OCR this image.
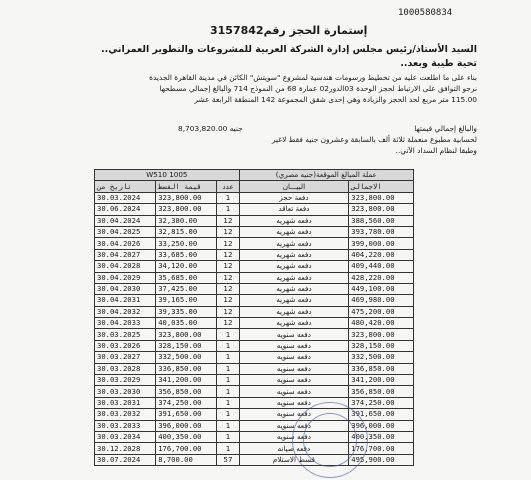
1000580834
إستمارة الحجز رقم3157842
السيد الأستاذ/رئيس مجلس إدارة الشركة العربية للمشروعات والتطوير العمراني..
تحية طيبة وبعد..
بناء على ما اطلعت عليه من تخطيط ورسومات هندسية لمشروع "سويتش" الكائن في مدينة القاهرة الجديدة
نرجو التوافق على الارتباط لحجز الوحدة 03الدور02 عمارة 68 من النموذج 714 والبالغ إجمالي مسطحها
115.00 متر مربع لحد الحجز والزيادة وهي إحدى شقق المجموعة 142 المنطقة الرابعة عشر
والبالغ إجمالي قيمتها
8,703,820.00 جنيه
لحسابية مطبوع منعملة ثلاثة ألف بالسابقة وعشرون جنيه فقط لاغير
وطبقا لنظام السداد الآتي..
W510 1005			عملة المبالغ الموقعة(جنيه مصري)	
تاريخ من	قيمة القسط	عدد	البيـــان	الاجمالى
30.03.2024	323,800.00	1	دفعة حجز	323,800.00
30.06.2024	323,800.00	1	دفعة تعاقد	323,800.00
30.04.2024	32,380.00	12	دفعه شهريه	388,560.00
30.04.2025	32,815.00	12	دفعه شهريه	393,780.00
30.04.2026	33,250.00	12	دفعه شهريه	399,000.00
30.04.2027	33,685.00	12	دفعه شهريه	404,220.00
30.04.2028	34,120.00	12	دفعه شهريه	409,440.00
30.04.2029	35,685.00	12	دفعه شهريه	428,220.00
30.04.2030	37,425.00	12	دفعه شهريه	449,100.00
30.04.2031	39,165.00	12	دفعه شهريه	469,980.00
30.04.2032	39,335.00	12	دفعه شهريه	475,200.00
30.04.2033	40,035.00	12	دفعه شهريه	480,420.00
30.03.2025	323,800.00	1	دفعه سنويه	323,800.00
30.03.2026	328,150.00	1	دفعه سنويه	328,150.00
30.03.2027	332,500.00	1	دفعه سنويه	332,500.00
30.03.2028	336,850.00	1	دفعه سنويه	336,850.00
30.03.2029	341,200.00	1	دفعه سنويه	341,200.00
30.03.2030	356,850.00	1	دفعه سنويه	356,850.00
30.03.2031	374,250.00	1	دفعه سنويه	374,250.00
30.03.2032	391,650.00	1	دفعه سنويه	391,650.00
30.03.2033	396,000.00	1	دفعه سنويه	396,000.00
30.03.2034	400,350.00	1	دفعه سنويه	400,350.00
30.12.2028	176,700.00	1	دفعه صيانه	176,700.00
30.07.2024	8,700.00	57	قسط الاستلام	495,900.00
